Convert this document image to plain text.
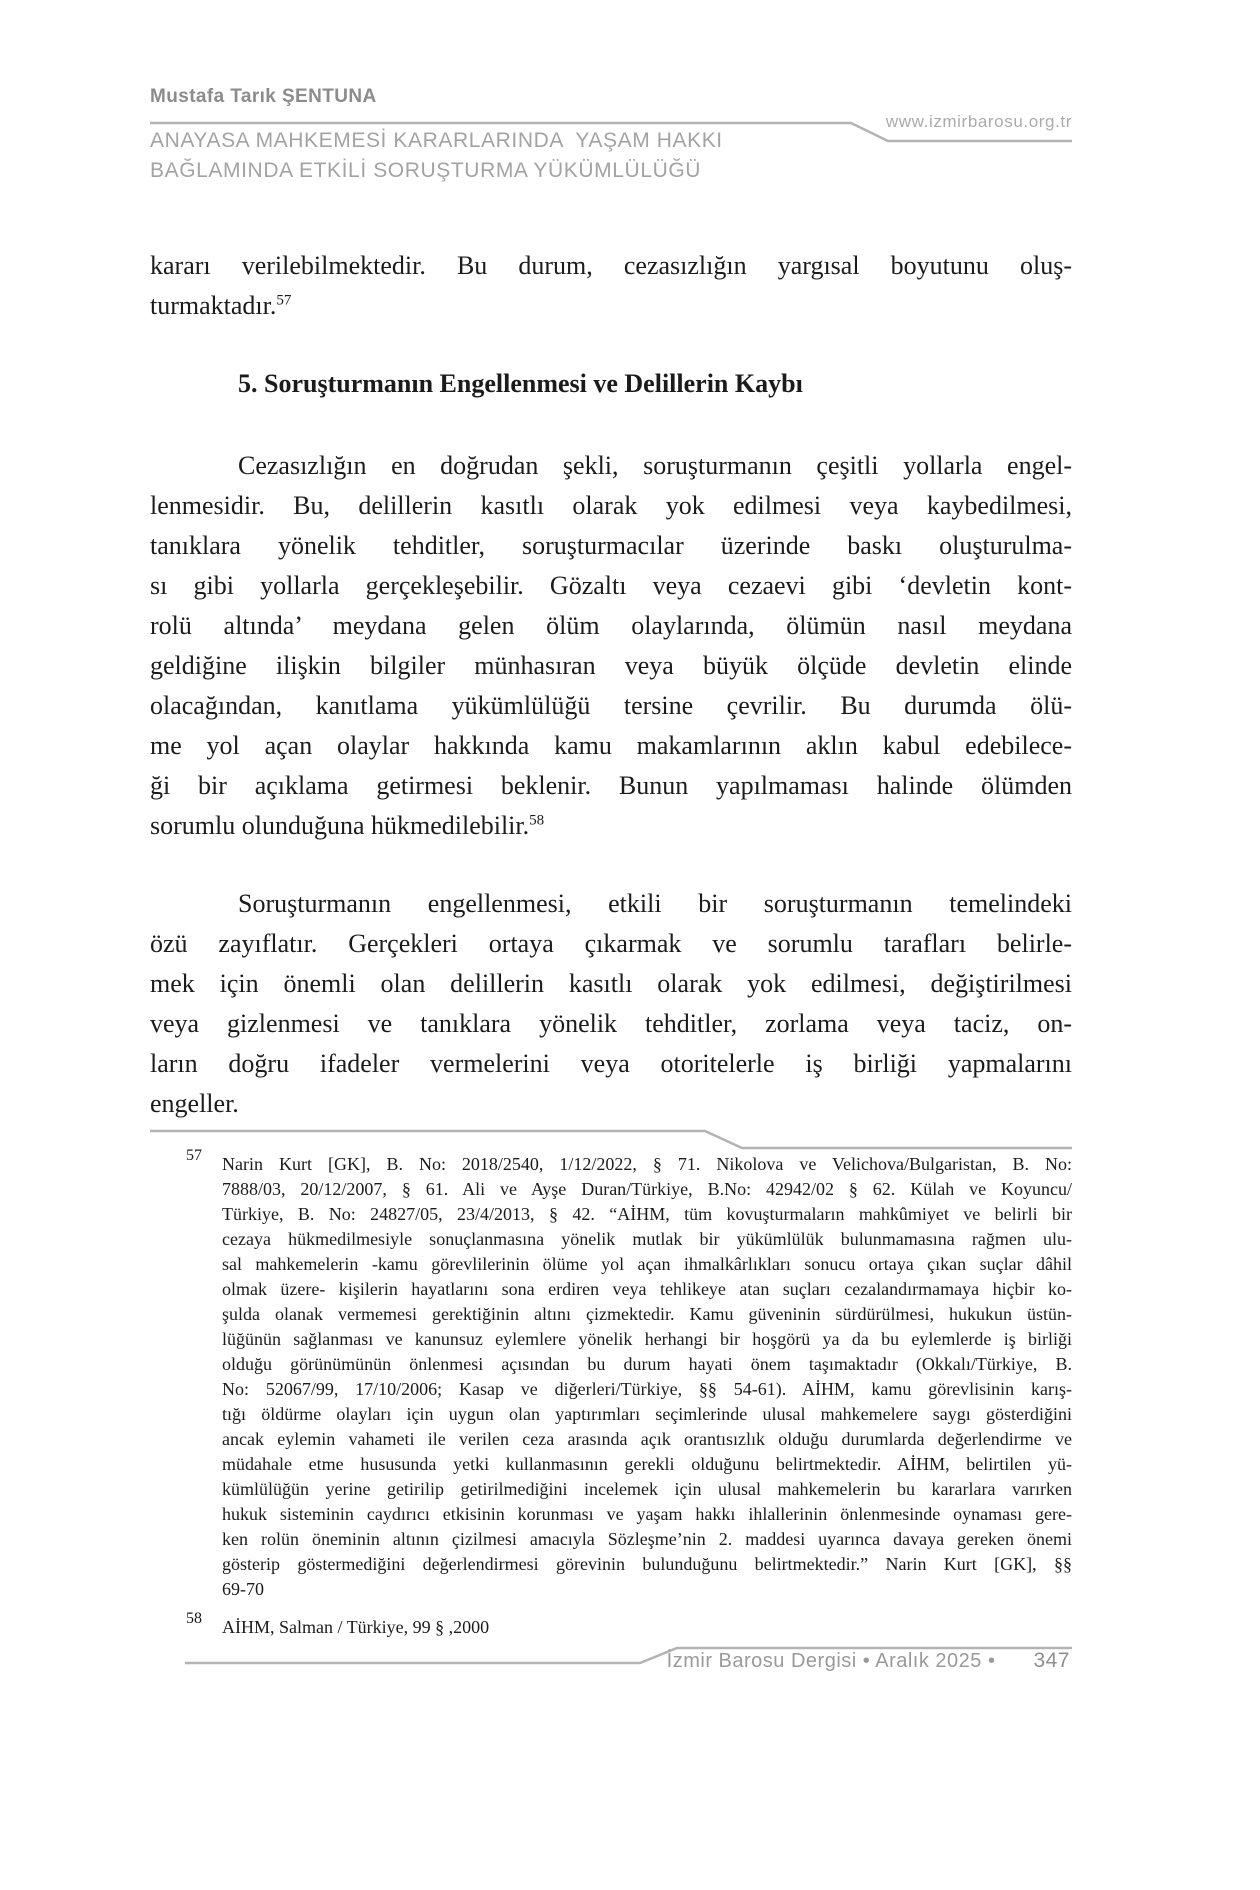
Mustafa Tarık ŞENTUNA
www.izmirbarosu.org.tr
ANAYASA MAHKEMESİ KARARLARINDA  YAŞAM HAKKI
BAĞLAMINDA ETKİLİ SORUŞTURMA YÜKÜMLÜLÜĞÜ
kararı verilebilmektedir. Bu durum, cezasızlığın yargısal boyutunu oluş-
turmaktadır.$^{57}$
5. Soruşturmanın Engellenmesi ve Delillerin Kaybı
Cezasızlığın en doğrudan şekli, soruşturmanın çeşitli yollarla engel-
lenmesidir. Bu, delillerin kasıtlı olarak yok edilmesi veya kaybedilmesi,
tanıklara yönelik tehditler, soruşturmacılar üzerinde baskı oluşturulma-
sı gibi yollarla gerçekleşebilir. Gözaltı veya cezaevi gibi ‘devletin kont-
rolü altında’ meydana gelen ölüm olaylarında, ölümün nasıl meydana
geldiğine ilişkin bilgiler münhasıran veya büyük ölçüde devletin elinde
olacağından, kanıtlama yükümlülüğü tersine çevrilir. Bu durumda ölü-
me yol açan olaylar hakkında kamu makamlarının aklın kabul edebilece-
ği bir açıklama getirmesi beklenir. Bunun yapılmaması halinde ölümden
sorumlu olunduğuna hükmedilebilir.$^{58}$
Soruşturmanın engellenmesi, etkili bir soruşturmanın temelindeki
özü zayıflatır. Gerçekleri ortaya çıkarmak ve sorumlu tarafları belirle-
mek için önemli olan delillerin kasıtlı olarak yok edilmesi, değiştirilmesi
veya gizlenmesi ve tanıklara yönelik tehditler, zorlama veya taciz, on-
ların doğru ifadeler vermelerini veya otoritelerle iş birliği yapmalarını
engeller.
57 Narin Kurt [GK], B. No: 2018/2540, 1/12/2022, § 71. Nikolova ve Velichova/Bulgaristan, B. No:
7888/03, 20/12/2007, § 61. Ali ve Ayşe Duran/Türkiye, B.No: 42942/02 § 62. Külah ve Koyuncu/
Türkiye, B. No: 24827/05, 23/4/2013, § 42. “AİHM, tüm kovuşturmaların mahkûmiyet ve belirli bir
cezaya hükmedilmesiyle sonuçlanmasına yönelik mutlak bir yükümlülük bulunmamasına rağmen ulu-
sal mahkemelerin -kamu görevlilerinin ölüme yol açan ihmalkârlıkları sonucu ortaya çıkan suçlar dâhil
olmak üzere- kişilerin hayatlarını sona erdiren veya tehlikeye atan suçları cezalandırmamaya hiçbir ko-
şulda olanak vermemesi gerektiğinin altını çizmektedir. Kamu güveninin sürdürülmesi, hukukun üstün-
lüğünün sağlanması ve kanunsuz eylemlere yönelik herhangi bir hoşgörü ya da bu eylemlerde iş birliği
olduğu görünümünün önlenmesi açısından bu durum hayati önem taşımaktadır (Okkalı/Türkiye, B.
No: 52067/99, 17/10/2006; Kasap ve diğerleri/Türkiye, §§ 54-61). AİHM, kamu görevlisinin karış-
tığı öldürme olayları için uygun olan yaptırımları seçimlerinde ulusal mahkemelere saygı gösterdiğini
ancak eylemin vahameti ile verilen ceza arasında açık orantısızlık olduğu durumlarda değerlendirme ve
müdahale etme hususunda yetki kullanmasının gerekli olduğunu belirtmektedir. AİHM, belirtilen yü-
kümlülüğün yerine getirilip getirilmediğini incelemek için ulusal mahkemelerin bu kararlara varırken
hukuk sisteminin caydırıcı etkisinin korunması ve yaşam hakkı ihlallerinin önlenmesinde oynaması gere-
ken rolün öneminin altının çizilmesi amacıyla Sözleşme’nin 2. maddesi uyarınca davaya gereken önemi
gösterip göstermediğini değerlendirmesi görevinin bulunduğunu belirtmektedir.” Narin Kurt [GK], §§
69-70
58 AİHM, Salman / Türkiye, 99 § ,2000
İzmir Barosu Dergisi • Aralık 2025 • 347
